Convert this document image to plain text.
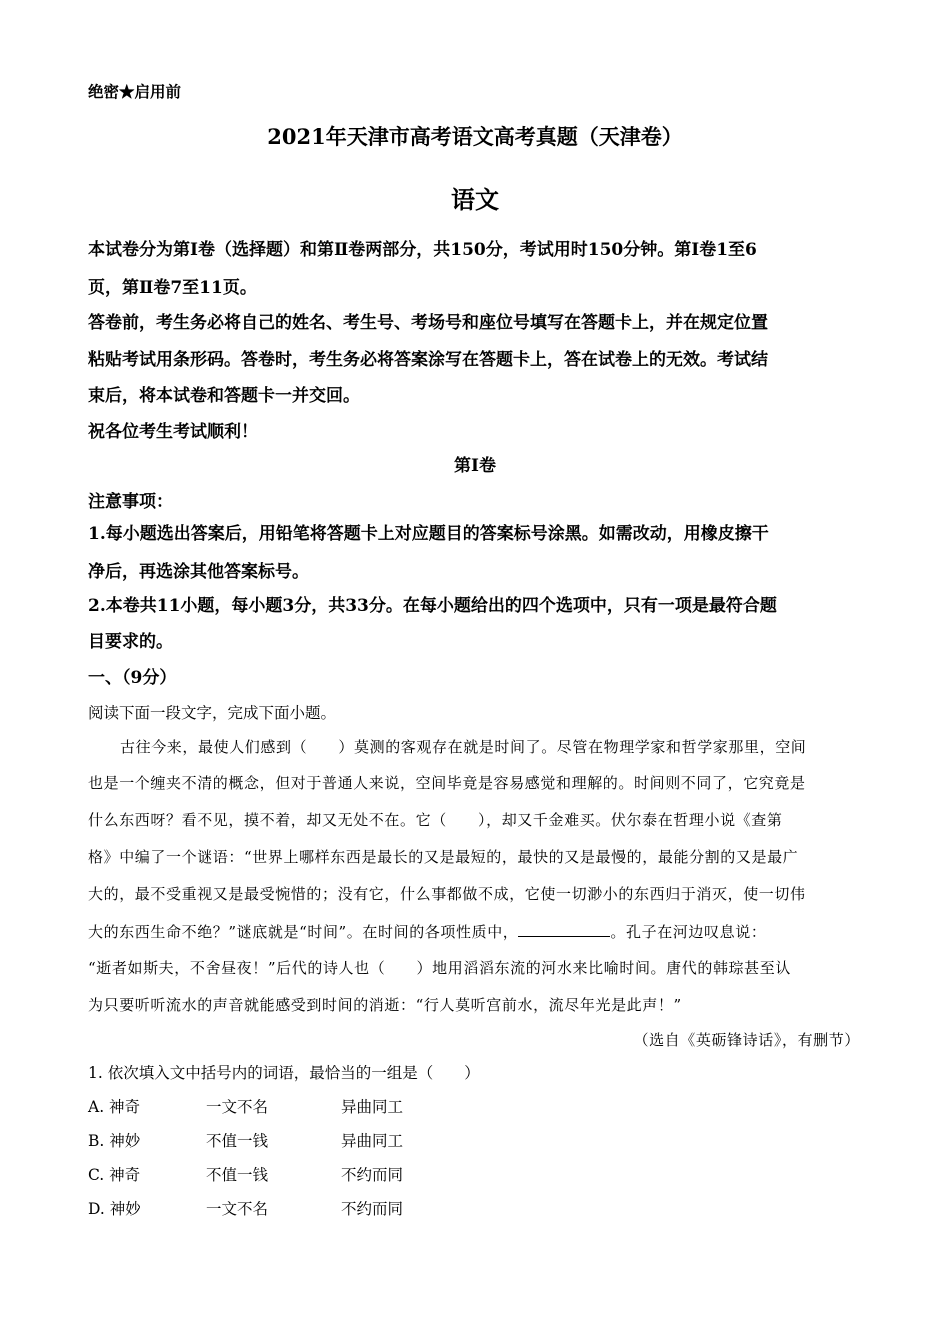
绝密★启用前
2021年天津市高考语文高考真题（天津卷）
语文
本试卷分为第Ⅰ卷（选择题）和第Ⅱ卷两部分，共150分，考试用时150分钟。第Ⅰ卷1至6
页，第Ⅱ卷7至11页。
答卷前，考生务必将自己的姓名、考生号、考场号和座位号填写在答题卡上，并在规定位置
粘贴考试用条形码。答卷时，考生务必将答案涂写在答题卡上，答在试卷上的无效。考试结
束后，将本试卷和答题卡一并交回。
祝各位考生考试顺利！
第Ⅰ卷
注意事项：
1.每小题选出答案后，用铅笔将答题卡上对应题目的答案标号涂黑。如需改动，用橡皮擦干
净后，再选涂其他答案标号。
2.本卷共11小题，每小题3分，共33分。在每小题给出的四个选项中，只有一项是最符合题
目要求的。
一、（9分）
阅读下面一段文字，完成下面小题。
古往今来，最使人们感到（　　）莫测的客观存在就是时间了。尽管在物理学家和哲学家那里，空间
也是一个缠夹不清的概念，但对于普通人来说，空间毕竟是容易感觉和理解的。时间则不同了，它究竟是
什么东西呀？看不见，摸不着，却又无处不在。它（　　），却又千金难买。伏尔泰在哲理小说《查第
格》中编了一个谜语：“世界上哪样东西是最长的又是最短的，最快的又是最慢的，最能分割的又是最广
大的，最不受重视又是最受惋惜的；没有它，什么事都做不成，它使一切渺小的东西归于消灭，使一切伟
大的东西生命不绝？”谜底就是“时间”。在时间的各项性质中，	。孔子在河边叹息说：
“逝者如斯夫，不舍昼夜！”后代的诗人也（　　）地用滔滔东流的河水来比喻时间。唐代的韩琮甚至认
为只要听听流水的声音就能感受到时间的消逝：“行人莫听宫前水，流尽年光是此声！”
（选自《英砺锋诗话》，有删节）
1. 依次填入文中括号内的词语，最恰当的一组是（　　）
A. 神奇	一文不名	异曲同工
B. 神妙	不值一钱	异曲同工
C. 神奇	不值一钱	不约而同
D. 神妙	一文不名	不约而同
